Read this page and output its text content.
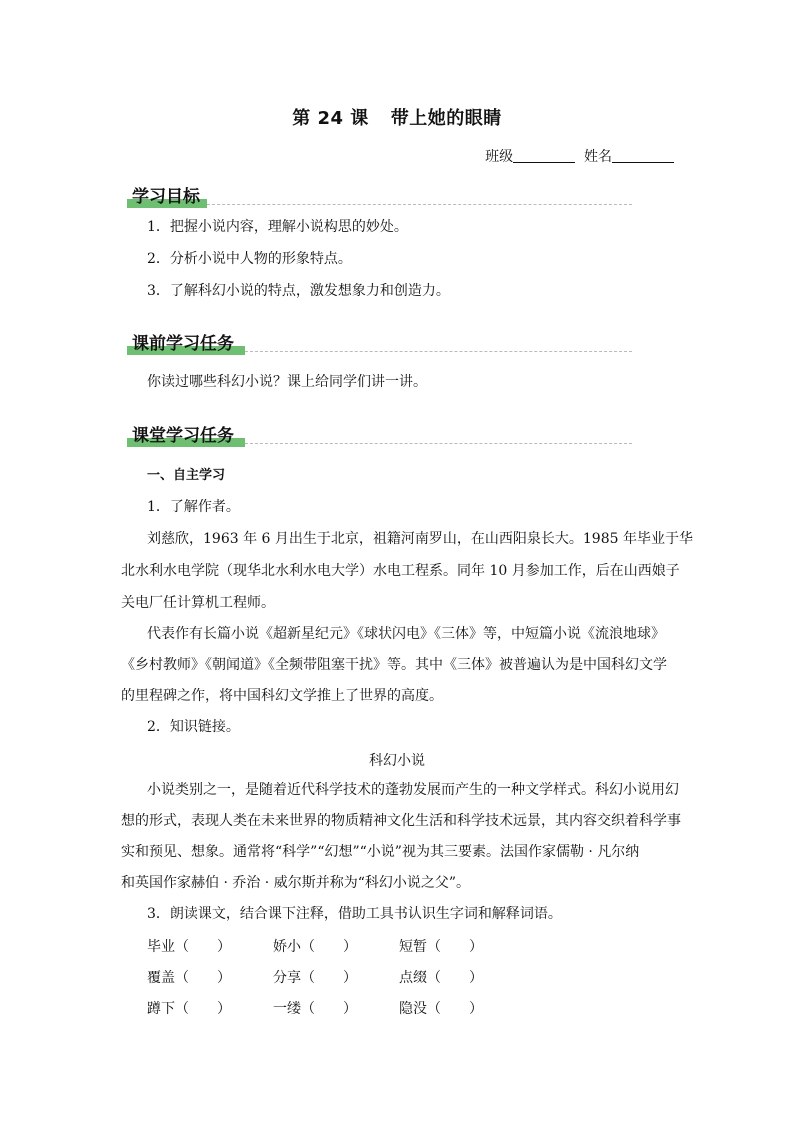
第 24 课 带上她的眼睛
班级	姓名
学习目标
1．把握小说内容，理解小说构思的妙处。
2．分析小说中人物的形象特点。
3．了解科幻小说的特点，激发想象力和创造力。
课前学习任务
你读过哪些科幻小说？课上给同学们讲一讲。
课堂学习任务
一、自主学习
1．了解作者。
刘慈欣，1963 年 6 月出生于北京，祖籍河南罗山，在山西阳泉长大。1985 年毕业于华
北水利水电学院（现华北水利水电大学）水电工程系。同年 10 月参加工作，后在山西娘子
关电厂任计算机工程师。
代表作有长篇小说《超新星纪元》《球状闪电》《三体》等，中短篇小说《流浪地球》
《乡村教师》《朝闻道》《全频带阻塞干扰》等。其中《三体》被普遍认为是中国科幻文学
的里程碑之作，将中国科幻文学推上了世界的高度。
2．知识链接。
科幻小说
小说类别之一，是随着近代科学技术的蓬勃发展而产生的一种文学样式。科幻小说用幻
想的形式，表现人类在未来世界的物质精神文化生活和科学技术远景，其内容交织着科学事
实和预见、想象。通常将“科学”“幻想”“小说”视为其三要素。法国作家儒勒 · 凡尔纳
和英国作家赫伯 · 乔治 · 威尔斯并称为“科幻小说之父”。
3．朗读课文，结合课下注释，借助工具书认识生字词和解释词语。
毕业（　　）	娇小（　　）	短暂（　　）
覆盖（　　）	分享（　　）	点缀（　　）
蹲下（　　）	一缕（　　）	隐没（　　）
